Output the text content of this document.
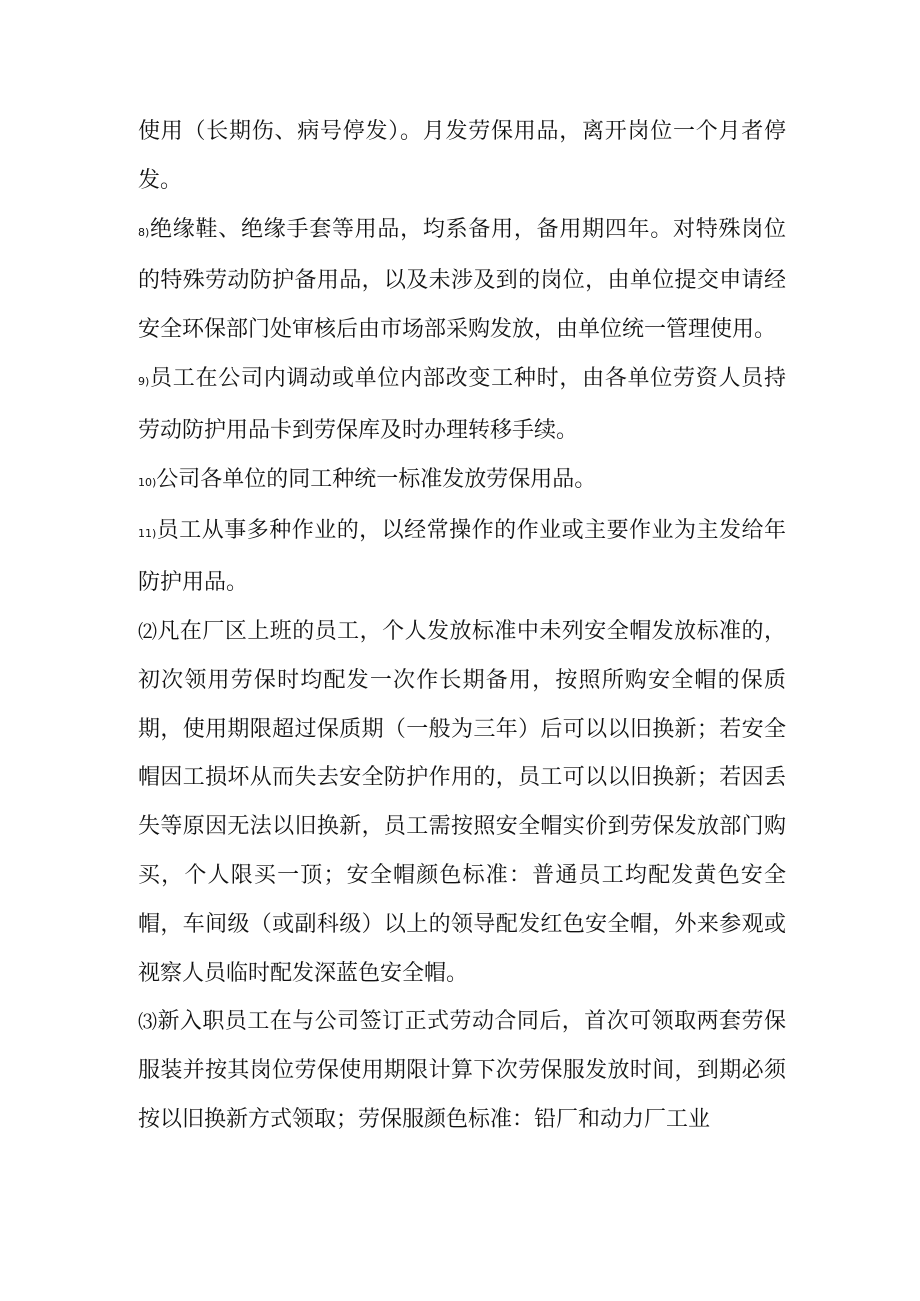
使用（长期伤、病号停发）。月发劳保用品，离开岗位一个月者停发。

8)绝缘鞋、绝缘手套等用品，均系备用，备用期四年。对特殊岗位的特殊劳动防护备用品，以及未涉及到的岗位，由单位提交申请经安全环保部门处审核后由市场部采购发放，由单位统一管理使用。

9)员工在公司内调动或单位内部改变工种时，由各单位劳资人员持劳动防护用品卡到劳保库及时办理转移手续。

10)公司各单位的同工种统一标准发放劳保用品。

11)员工从事多种作业的，以经常操作的作业或主要作业为主发给年防护用品。

⑵凡在厂区上班的员工，个人发放标准中未列安全帽发放标准的，初次领用劳保时均配发一次作长期备用，按照所购安全帽的保质期，使用期限超过保质期（一般为三年）后可以以旧换新；若安全帽因工损坏从而失去安全防护作用的，员工可以以旧换新；若因丢失等原因无法以旧换新，员工需按照安全帽实价到劳保发放部门购买，个人限买一顶；安全帽颜色标准：普通员工均配发黄色安全帽，车间级（或副科级）以上的领导配发红色安全帽，外来参观或视察人员临时配发深蓝色安全帽。

⑶新入职员工在与公司签订正式劳动合同后，首次可领取两套劳保服装并按其岗位劳保使用期限计算下次劳保服发放时间，到期必须按以旧换新方式领取；劳保服颜色标准：铅厂和动力厂工业
